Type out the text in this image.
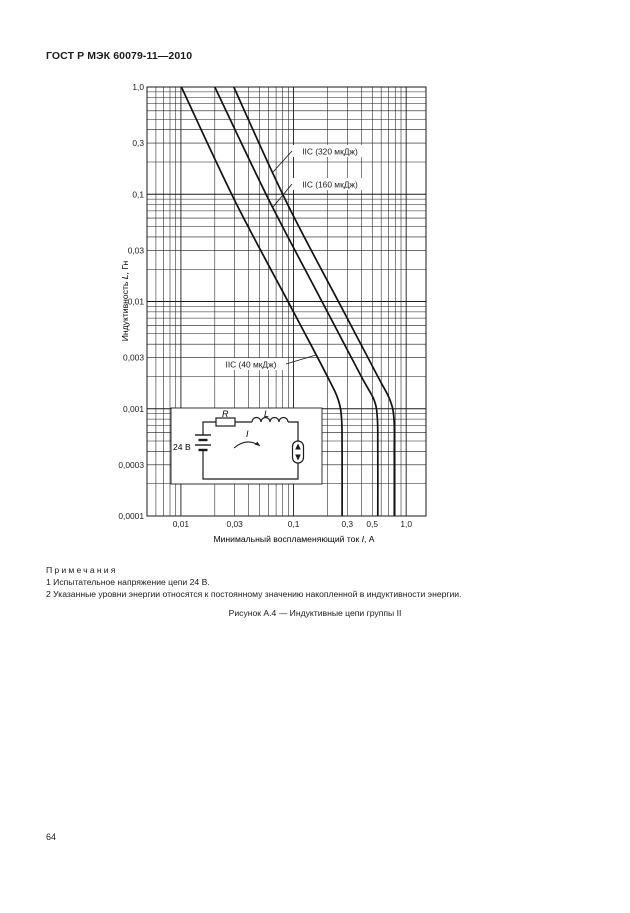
ГОСТ Р МЭК 60079-11—2010
R	L
I
24 В
IIC (40 мкДж)
IIC (160 мкДж)
IIC (320 мкДж)
0,01	0,03	0,1	0,3 0,5	1,0
1,0
0,3
0,1
0,03
0,01
0,003
0,001
0,0003
0,0001
Минимальный воспламеняющий ток I, А
Индуктивность L, Гн
Примечания
1 Испытательное напряжение цепи 24 В.
2 Указанные уровни энергии относятся к постоянному значению накопленной в индуктивности энергии.
Рисунок А.4 — Индуктивные цепи группы II
64
